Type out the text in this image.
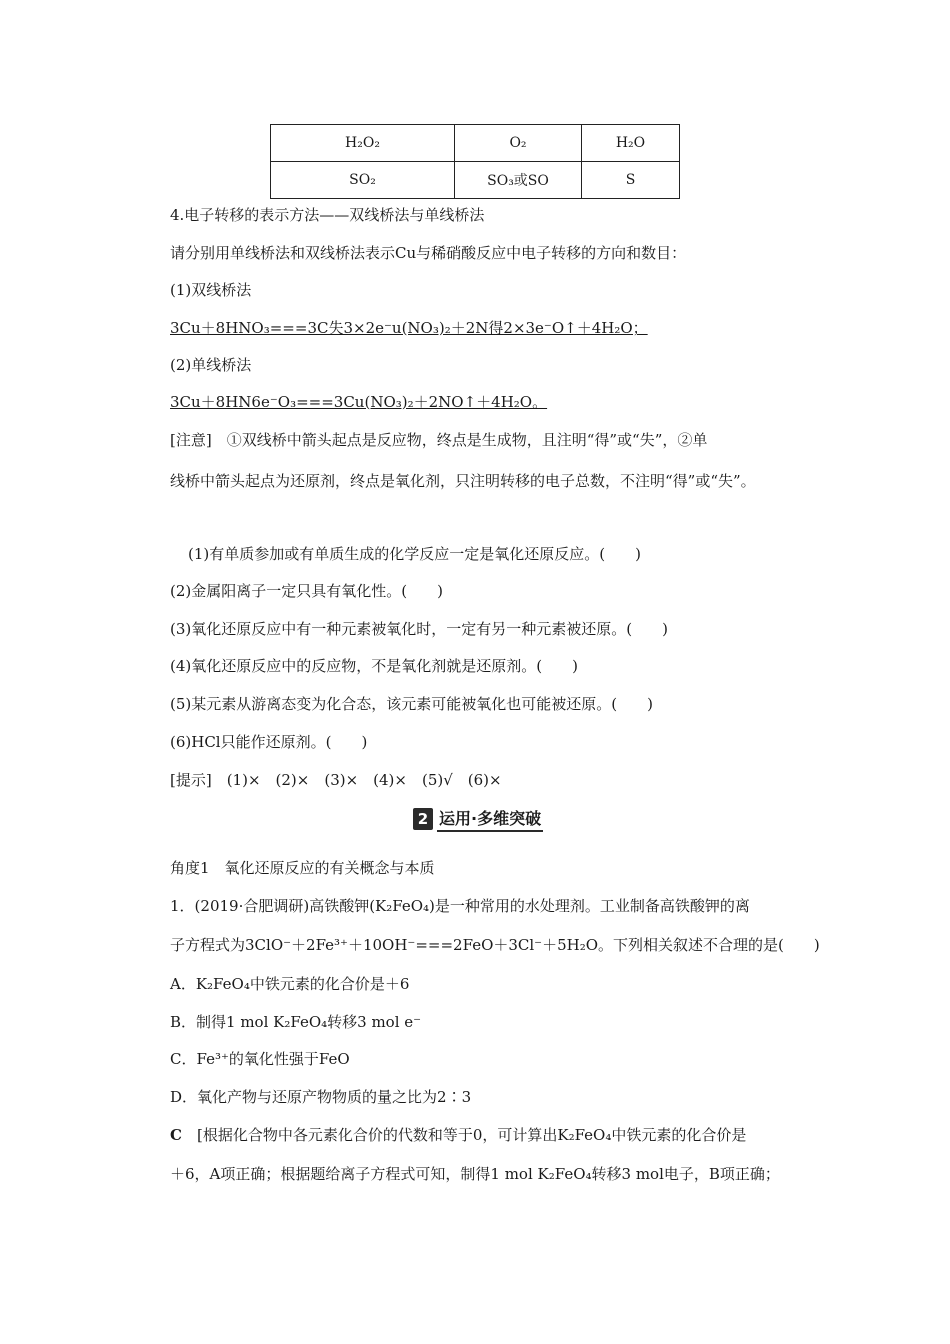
H₂O₂	O₂	H₂O
SO₂	SO₃或SO	S
4.电子转移的表示方法——双线桥法与单线桥法
请分别用单线桥法和双线桥法表示Cu与稀硝酸反应中电子转移的方向和数目：
(1)双线桥法
3Cu＋8HNO₃===3C失3×2e⁻u(NO₃)₂＋2N得2×3e⁻O↑＋4H₂O；
(2)单线桥法
3Cu＋8HN6e⁻O₃===3Cu(NO₃)₂＋2NO↑＋4H₂O。
[注意]　①双线桥中箭头起点是反应物，终点是生成物，且注明“得”或“失”，②单
线桥中箭头起点为还原剂，终点是氧化剂，只注明转移的电子总数，不注明“得”或“失”。
(1)有单质参加或有单质生成的化学反应一定是氧化还原反应。(　　)
(2)金属阳离子一定只具有氧化性。(　　)
(3)氧化还原反应中有一种元素被氧化时，一定有另一种元素被还原。(　　)
(4)氧化还原反应中的反应物，不是氧化剂就是还原剂。(　　)
(5)某元素从游离态变为化合态，该元素可能被氧化也可能被还原。(　　)
(6)HCl只能作还原剂。(　　)
[提示]　(1)×　(2)×　(3)×　(4)×　(5)√　(6)×
2 运用·多维突破
角度1　氧化还原反应的有关概念与本质
1．(2019·合肥调研)高铁酸钾(K₂FeO₄)是一种常用的水处理剂。工业制备高铁酸钾的离
子方程式为3ClO⁻＋2Fe³⁺＋10OH⁻===2FeO＋3Cl⁻＋5H₂O。下列相关叙述不合理的是(　　)
A．K₂FeO₄中铁元素的化合价是＋6
B．制得1 mol K₂FeO₄转移3 mol e⁻
C．Fe³⁺的氧化性强于FeO
D．氧化产物与还原产物物质的量之比为2∶3
C　 [根据化合物中各元素化合价的代数和等于0，可计算出K₂FeO₄中铁元素的化合价是
＋6，A项正确；根据题给离子方程式可知，制得1 mol K₂FeO₄转移3 mol电子，B项正确；
